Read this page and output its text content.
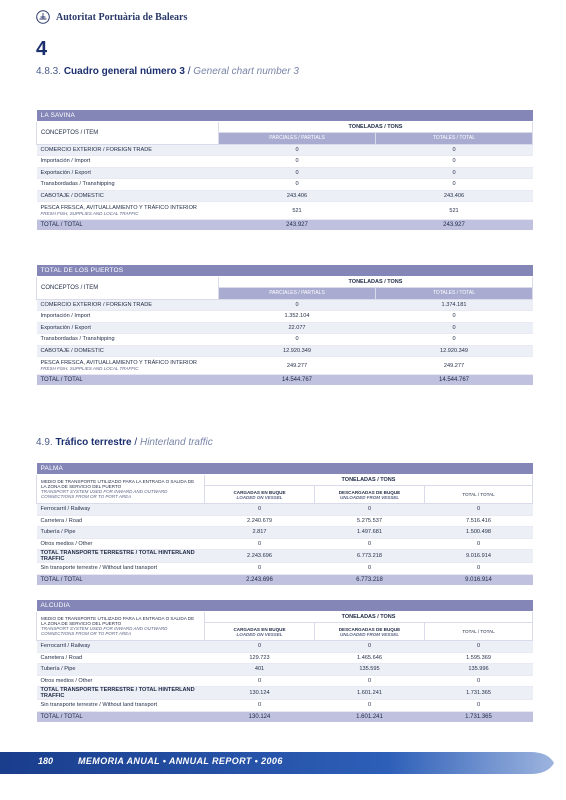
Autoritat Portuària de Balears
4
4.8.3. Cuadro general número 3 / General chart number 3
LA SAVINA		
CONCEPTOS / ITEM	TONELADAS / TONS	
	PARCIALES / PARTIALS	TOTALES / TOTAL
COMERCIO EXTERIOR / FOREIGN TRADE	0	0
Importación / Import	0	0
Exportación / Export	0	0
Transbordadas / Transhipping	0	0
CABOTAJE / DOMESTIC	243.406	243.406
PESCA FRESCA, AVITUALLAMIENTO Y TRÁFICO INTERIOR
FRESH FISH, SUPPLIES AND LOCAL TRAFFIC	521	521
TOTAL / TOTAL	243.927	243.927
TOTAL DE LOS PUERTOS		
CONCEPTOS / ITEM	TONELADAS / TONS	
	PARCIALES / PARTIALS	TOTALES / TOTAL
COMERCIO EXTERIOR / FOREIGN TRADE	0	1.374.181
Importación / Import	1.352.104	0
Exportación / Export	22.077	0
Transbordadas / Transhipping	0	0
CABOTAJE / DOMESTIC	12.920.349	12.920.349
PESCA FRESCA, AVITUALLAMIENTO Y TRÁFICO INTERIOR
FRESH FISH, SUPPLIES AND LOCAL TRAFFIC	249.277	249.277
TOTAL / TOTAL	14.544.767	14.544.767
4.9. Tráfico terrestre / Hinterland traffic
PALMA			
MEDIO DE TRANSPORTE UTILIZADO PARA LA ENTRADA O SALIDA DE LA ZONA DE SERVICIO DEL PUERTO
TRANSPORT SYSTEM USED FOR INWARD AND OUTWARD CONNECTIONS FROM OR TO PORT AREA	TONELADAS / TONS		
	CARGADAS EN BUQUE
LOADED ON VESSEL	DESCARGADAS DE BUQUE
UNLOADED FROM VESSEL	TOTAL / TOTAL
Ferrocarril / Railway	0	0	0
Carretera / Road	2.240.679	5.275.537	7.516.416
Tubería / Pipe	2.817	1.497.681	1.500.498
Otros medios / Other	0	0	0
TOTAL TRANSPORTE TERRESTRE / TOTAL HINTERLAND TRAFFIC	2.243.696	6.773.218	9.016.914
Sin transporte terrestre / Without land transport	0	0	0
TOTAL / TOTAL	2.243.696	6.773.218	9.016.914
ALCUDIA			
MEDIO DE TRANSPORTE UTILIZADO PARA LA ENTRADA O SALIDA DE LA ZONA DE SERVICIO DEL PUERTO
TRANSPORT SYSTEM USED FOR INWARD AND OUTWARD CONNECTIONS FROM OR TO PORT AREA	TONELADAS / TONS		
	CARGADAS EN BUQUE
LOADED ON VESSEL	DESCARGADAS DE BUQUE
UNLOADED FROM VESSEL	TOTAL / TOTAL
Ferrocarril / Railway	0	0	0
Carretera / Road	129.723	1.465.646	1.595.369
Tubería / Pipe	401	135.595	135.996
Otros medios / Other	0	0	0
TOTAL TRANSPORTE TERRESTRE / TOTAL HINTERLAND TRAFFIC	130.124	1.601.241	1.731.365
Sin transporte terrestre / Without land transport	0	0	0
TOTAL / TOTAL	130.124	1.601.241	1.731.365
180	MEMORIA ANUAL • ANNUAL REPORT • 2006
